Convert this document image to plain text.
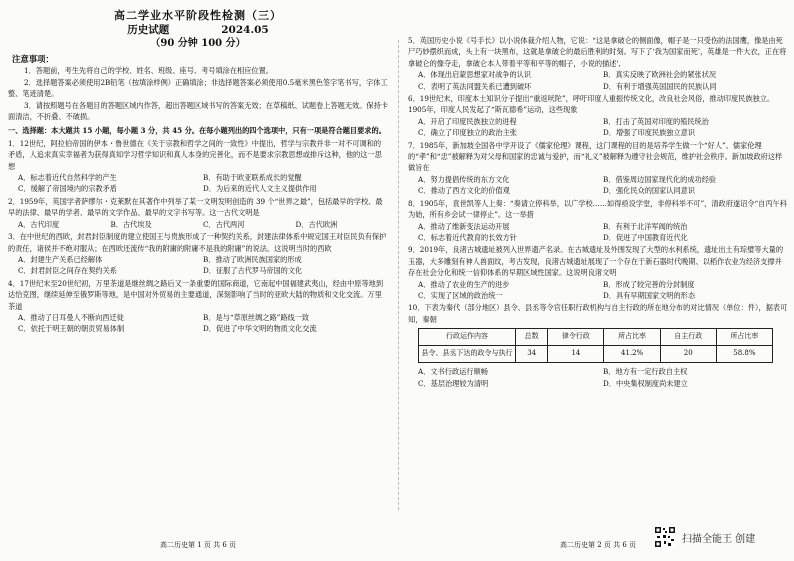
高二学业水平阶段性检测（三）
历史试题	2024.05
（90 分钟 100 分）
注意事项：

1．答题前，考生先将自己的学校、姓名、班级、座号、考号填涂在相应位置。

2．选择题答案必须使用2B铅笔（按填涂样例）正确填涂；非选择题答案必须使用0.5毫米黑色签字笔书写，字体工整、笔迹清楚。

3．请按照题号在各题目的答题区域内作答，超出答题区域书写的答案无效；在草稿纸、试题卷上答题无效。保持卡面清洁，不折叠、不破损。

一、选择题：本大题共 15 小题，每小题 3 分，共 45 分。在每小题列出的四个选项中，只有一项是符合题目要求的。

1．12世纪，阿拉伯帝国的伊本・鲁世德在《关于宗教和哲学之间的一致性》中提出，哲学与宗教并非一对不可调和的矛盾，人追求真实幸福者为获得真知学习哲学知识和真人本身的完善化，而不是要求宗教思想或排斥这种，他的这一思想

A．标志着近代自然科学的产生	B．有助于欧亚联系成长的觉醒
C．缓解了帝国境内的宗教矛盾	D．为后来的近代人文主义提供作用

2．1959年，英国学者萨缪尔・克莱默在其著作中列举了某一文明发明创造的 39 个“世界之最”，包括最早的学校、最早的法律、最早的学者、最早的文学作品、最早的文字书写等。这一古代文明是

A．古代印度	B．古代埃及	C．古代两河	D．古代欧洲

3．在中世纪的西欧，封君封臣制度的建立使国王与贵族形成了一种契约关系，封建法律体系中规定国王对臣民负有保护的责任，诸侯并不绝对服从；在西欧还流传“我的附庸的附庸不是我的附庸”的说法。这说明当时的西欧

A．封建生产关系已经解体	B．推动了欧洲民族国家的形成
C．封君封臣之间存在契约关系	D．征服了古代罗马帝国的文化

4．17世纪末至20世纪初，万里茶道是继丝绸之路后又一条重要的国际商道，它南起中国福建武夷山，经由中原等地到达恰克图，继续延伸至俄罗斯等地，是中国对外贸易的主要通道，深刻影响了当时的亚欧大陆的物质和文化交流。万里茶道

A．推动了日耳曼人不断向西迁徙	B．是与“草原丝绸之路”路线一致
C．依托于明王朝的朝贡贸易体制	D．促进了中华文明的物质文化交流
高二历史第 1 页 共 6 页

5．英国历史小说《号手长》以小说体裁介绍人物，它说：“这是拿破仑的侧面像，帽子是一只受伤的法国鹰，像是由死尸巧妙摆织而成，头上有一块黑布，这就是拿破仑的最后胜利的时刻。写下了‘我为国家而死’，英雄是一件大衣，正在将拿破仑的像夺走，拿破仑本人带着平等和平等的帽子，小说的描述',

A．体现出启蒙思想家对战争的认识	B．真实反映了欧洲社会的紧张状况
C．表明了英法同盟关系已遭到破坏	D．有利于增强英国国民的民族认同

6．19世纪末，印度本土知识分子提出“重返吠陀”，呼吁印度人重振传统文化，改良社会风俗，推动印度民族独立。1905年，印度人民发起了“斯瓦德希”运动，这些现象

A．开启了印度民族独立的进程	B．打击了英国对印度的殖民统治
C．确立了印度独立的政治主张	D．增强了印度民族独立意识

7．1985年，新加坡全国各中学开设了《儒家伦理》课程，这门课程的目的是培养学生做一个“好人”。儒家伦理的“孝”和“忠”被解释为对父母和国家的忠诚与爱护，而“礼义”被解释为遵守社会规范，维护社会秩序。新加坡政府这样做旨在

A．努力提倡传统的东方文化	B．借鉴周边国家现代化的成功经验
C．推动了西方文化的价值观	D．强化民众的国家认同意识

8．1905年，袁世凯等人上奏：“奏请立停科举，以广学校……如得亟设学堂，非停科举不可”，清政府遂诏令“自丙午科为始，所有乡会试一律停止”。这一举措

A．推动了维新变法运动开展	B．有利于北洋军阀的统治
C．标志着近代教育的长效方针	D．促进了中国教育近代化

9．2019年，良渚古城遗址被列入世界遗产名录。在古城遗址及外围发现了大型的水利系统，遗址出土有琮璧等大量的玉器，大多雕刻有神人兽面纹，考古发现，良渚古城遗址展现了一个存在于新石器时代晚期、以稻作农业为经济支撑并存在社会分化和统一信仰体系的早期区域性国家。这说明良渚文明

A．推动了农业的生产的进步	B．形成了较完善的分封制度
C．实现了区域的政治统一	D．具有早期国家文明的形态

10．下表为秦代（部分地区）县令、县丞等令官任职行政机构与自主行政的所在地分布的对比情况（单位：件），据表可知，秦朝

行政运作内容	总数	律令行政	所占比率	自主行政	所占比率
县令、县丞下达的政令与执行	34	14	41.2%	20	58.8%
A．文书行政运行顺畅	B．地方有一定行政自主权
C．基层治理较为清明	D．中央集权制度尚未建立
高二历史第 2 页 共 6 页
扫描全能王 创建
